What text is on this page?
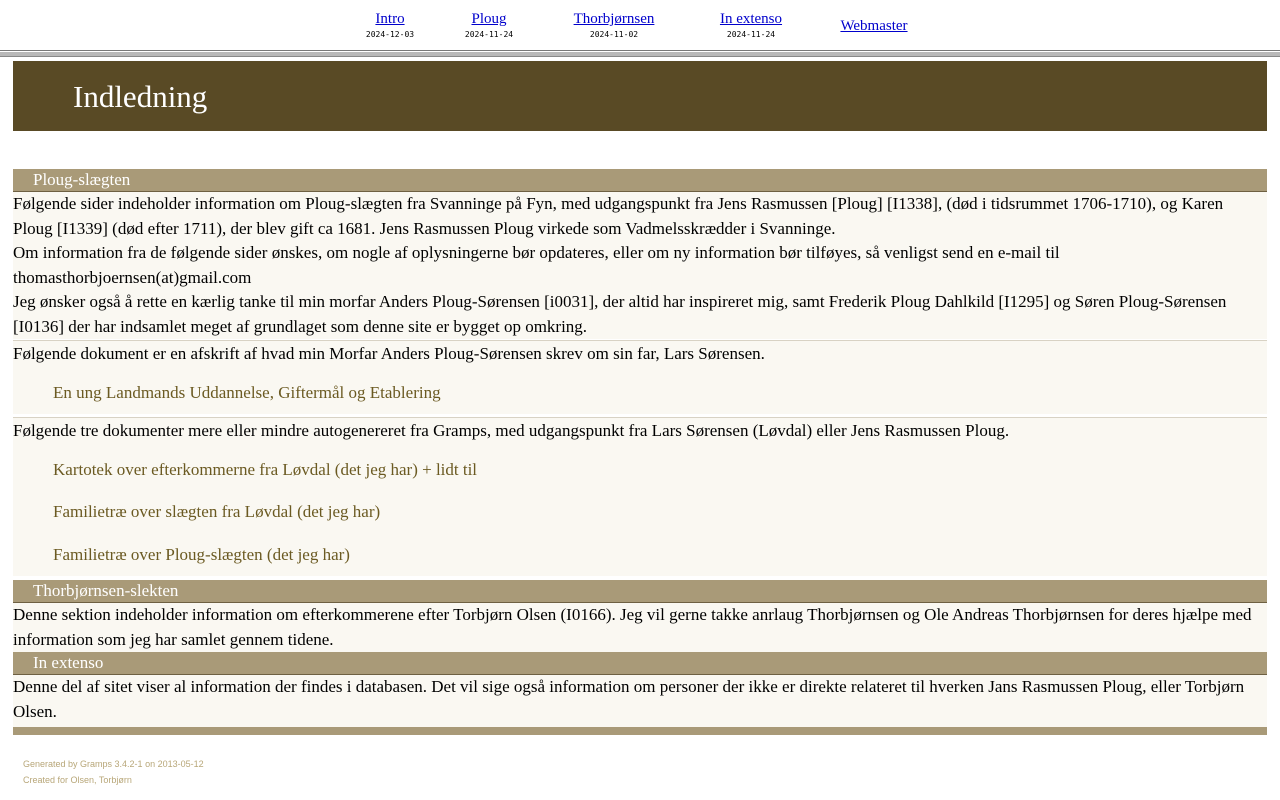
Intro
2024-12-03
Ploug
2024-11-24
Thorbjørnsen
2024-11-02
In extenso
2024-11-24
Webmaster
Indledning
Ploug-slægten

Følgende sider indeholder information om Ploug-slægten fra Svanninge på Fyn, med udgangspunkt fra Jens Rasmussen [Ploug] [I1338], (død i tidsrummet 1706-1710), og Karen Ploug [I1339] (død efter 1711), der blev gift ca 1681. Jens Rasmussen Ploug virkede som Vadmelsskrædder i Svanninge.

Om information fra de følgende sider ønskes, om nogle af oplysningerne bør opdateres, eller om ny information bør tilføyes, så venligst send en e-mail til thomasthorbjoernsen(at)gmail.com

Jeg ønsker også å rette en kærlig tanke til min morfar Anders Ploug-Sørensen [i0031], der altid har inspireret mig, samt Frederik Ploug Dahlkild [I1295] og Søren Ploug-Sørensen [I0136] der har indsamlet meget af grundlaget som denne site er bygget op omkring.

Følgende dokument er en afskrift af hvad min Morfar Anders Ploug-Sørensen skrev om sin far, Lars Sørensen.

En ung Landmands Uddannelse, Giftermål og Etablering

Følgende tre dokumenter mere eller mindre autogenereret fra Gramps, med udgangspunkt fra Lars Sørensen (Løvdal) eller Jens Rasmussen Ploug.

Kartotek over efterkommerne fra Løvdal (det jeg har) + lidt til
Familietræ over slægten fra Løvdal (det jeg har)
Familietræ over Ploug-slægten (det jeg har)
Thorbjørnsen-slekten

Denne sektion indeholder information om efterkommerene efter Torbjørn Olsen (I0166). Jeg vil gerne takke anrlaug Thorbjørnsen og Ole Andreas Thorbjørnsen for deres hjælpe med information som jeg har samlet gennem tidene.

In extenso

Denne del af sitet viser al information der findes i databasen. Det vil sige også information om personer der ikke er direkte relateret til hverken Jans Rasmussen Ploug, eller Torbjørn Olsen.

Generated by Gramps 3.4.2-1 on 2013-05-12
Created for Olsen, Torbjørn
